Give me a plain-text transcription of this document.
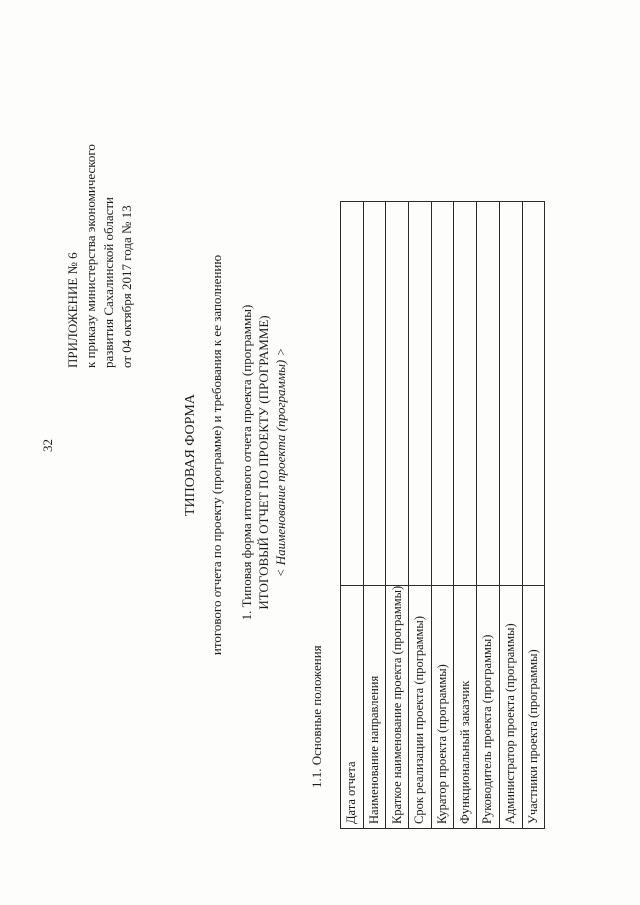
32
ПРИЛОЖЕНИЕ № 6 к приказу министерства экономического развития Сахалинской области от 04 октября 2017 года № 13
ТИПОВАЯ ФОРМА итогового отчета по проекту (программе) и требования к ее заполнению 1. Типовая форма итогового отчета проекта (программы) ИТОГОВЫЙ ОТЧЕТ ПО ПРОЕКТУ (ПРОГРАММЕ) < Наименование проекта (программы) >
1.1. Основные положения
Дата отчета	
Наименование направления	
Краткое наименование проекта (программы)	
Срок реализации проекта (программы)	
Куратор проекта (программы)	
Функциональный заказчик	
Руководитель проекта (программы)	
Администратор проекта (программы)	
Участники проекта (программы)	
